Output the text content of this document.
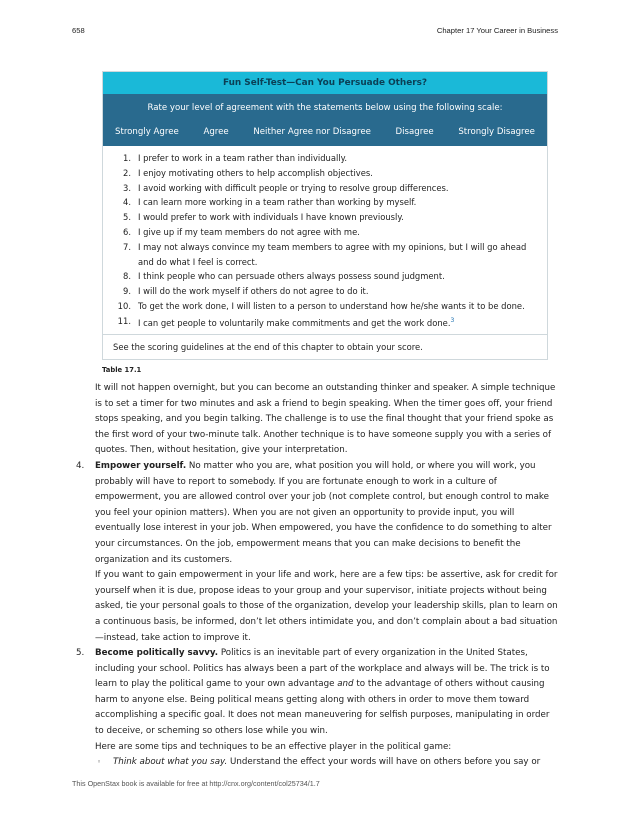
658	Chapter 17 Your Career in Business
Fun Self-Test—Can You Persuade Others?
Rate your level of agreement with the statements below using the following scale:
Strongly Agree	Agree	Neither Agree nor Disagree	Disagree	Strongly Disagree
1. I prefer to work in a team rather than individually.
2. I enjoy motivating others to help accomplish objectives.
3. I avoid working with difficult people or trying to resolve group differences.
4. I can learn more working in a team rather than working by myself.
5. I would prefer to work with individuals I have known previously.
6. I give up if my team members do not agree with me.
7. I may not always convince my team members to agree with my opinions, but I will go ahead and do what I feel is correct.
8. I think people who can persuade others always possess sound judgment.
9. I will do the work myself if others do not agree to do it.
10. To get the work done, I will listen to a person to understand how he/she wants it to be done.
11. I can get people to voluntarily make commitments and get the work done.$^3$
See the scoring guidelines at the end of this chapter to obtain your score.
Table 17.1

It will not happen overnight, but you can become an outstanding thinker and speaker. A simple technique is to set a timer for two minutes and ask a friend to begin speaking. When the timer goes off, your friend stops speaking, and you begin talking. The challenge is to use the final thought that your friend spoke as the first word of your two-minute talk. Another technique is to have someone supply you with a series of quotes. Then, without hesitation, give your interpretation.

4.	Empower yourself. No matter who you are, what position you will hold, or where you will work, you probably will have to report to somebody. If you are fortunate enough to work in a culture of empowerment, you are allowed control over your job (not complete control, but enough control to make you feel your opinion matters). When you are not given an opportunity to provide input, you will eventually lose interest in your job. When empowered, you have the confidence to do something to alter your circumstances. On the job, empowerment means that you can make decisions to benefit the organization and its customers.

If you want to gain empowerment in your life and work, here are a few tips: be assertive, ask for credit for yourself when it is due, propose ideas to your group and your supervisor, initiate projects without being asked, tie your personal goals to those of the organization, develop your leadership skills, plan to learn on a continuous basis, be informed, don’t let others intimidate you, and don’t complain about a bad situation—instead, take action to improve it.

5.	Become politically savvy. Politics is an inevitable part of every organization in the United States, including your school. Politics has always been a part of the workplace and always will be. The trick is to learn to play the political game to your own advantage and to the advantage of others without causing harm to anyone else. Being political means getting along with others in order to move them toward accomplishing a specific goal. It does not mean maneuvering for selfish purposes, manipulating in order to deceive, or scheming so others lose while you win.

Here are some tips and techniques to be an effective player in the political game:

◦	Think about what you say. Understand the effect your words will have on others before you say or
This OpenStax book is available for free at http://cnx.org/content/col25734/1.7
